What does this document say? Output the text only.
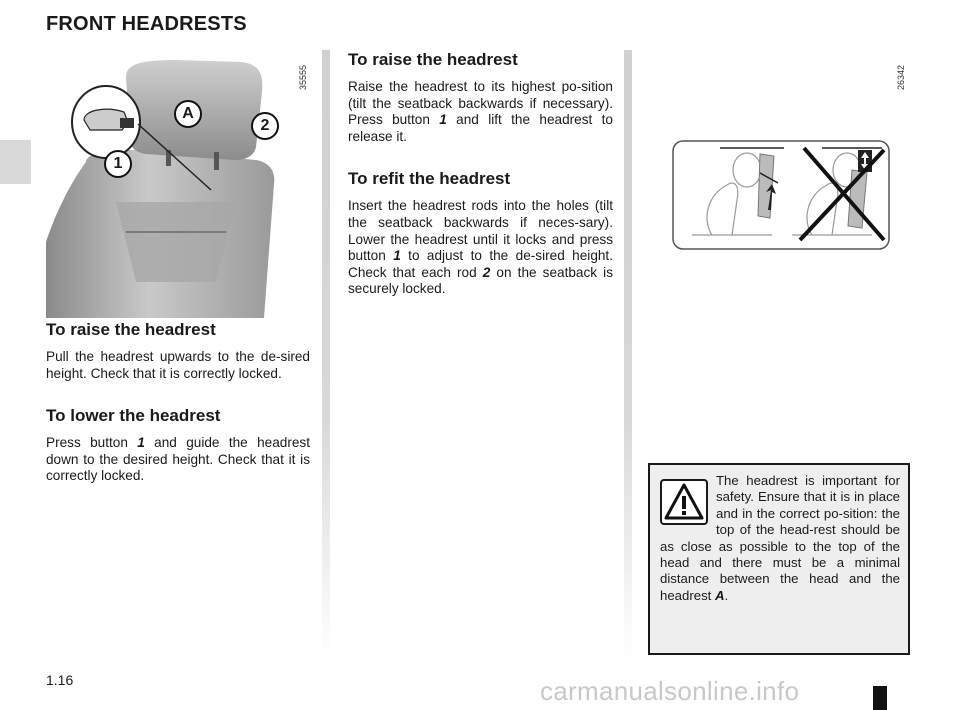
FRONT HEADRESTS
A
2
1
35555

To raise the headrest

Pull the headrest upwards to the de-sired height. Check that it is correctly locked.

To lower the headrest

Press button 1 and guide the headrest down to the desired height. Check that it is correctly locked.

To raise the headrest

Raise the headrest to its highest po-sition (tilt the seatback backwards if necessary). Press button 1 and lift the headrest to release it.

To refit the headrest

Insert the headrest rods into the holes (tilt the seatback backwards if neces-sary). Lower the headrest until it locks and press button 1 to adjust to the de-sired height. Check that each rod 2 on the seatback is securely locked.

26342
The headrest is important for safety. Ensure that it is in place and in the correct po-sition: the top of the head-rest should be as close as possible to the top of the head and there must be a minimal distance between the head and the headrest A.
1.16	carmanualsonline.info
